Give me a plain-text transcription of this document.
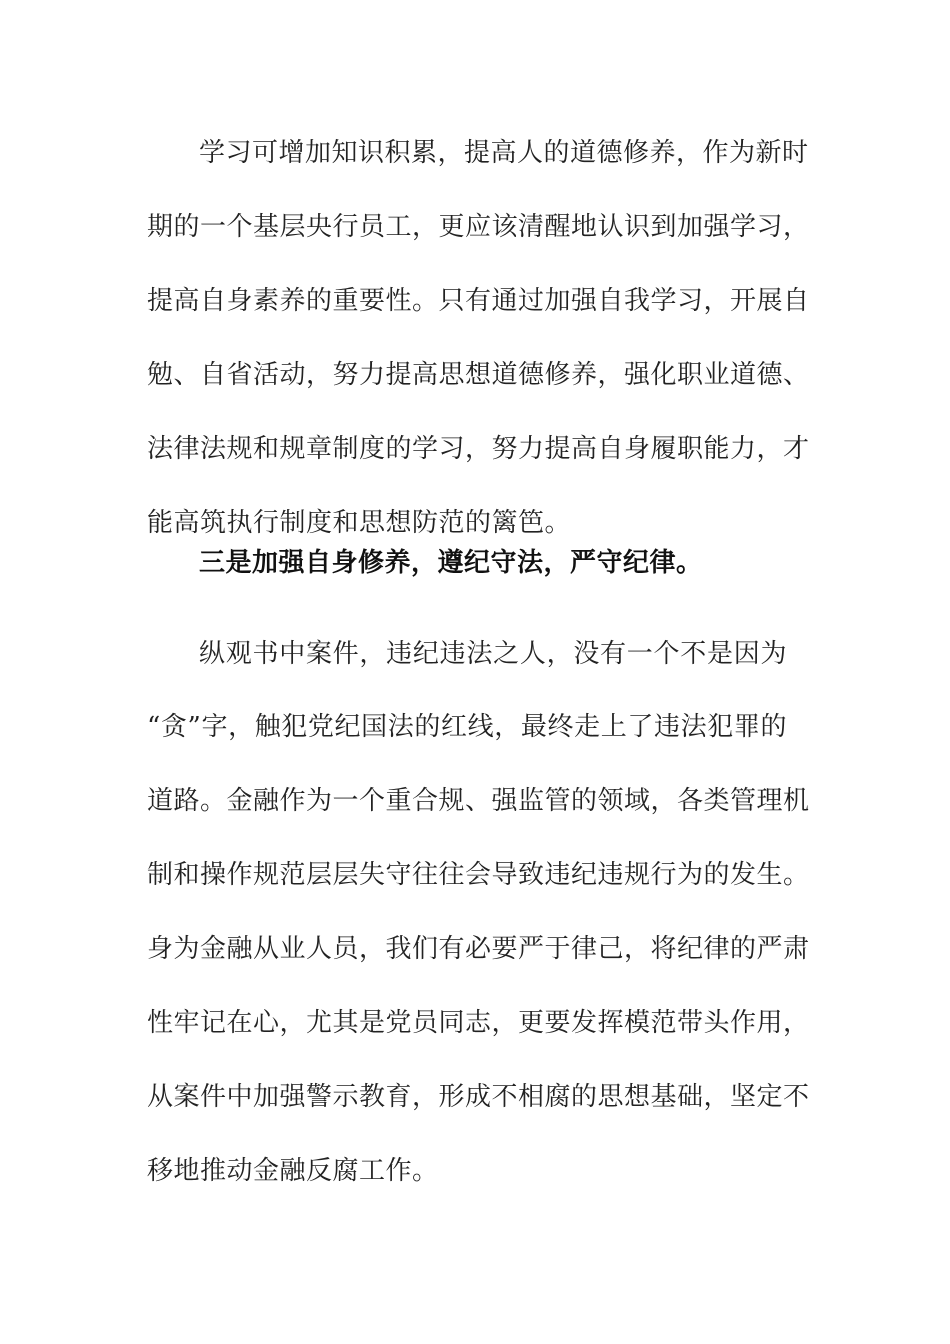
学习可增加知识积累，提高人的道德修养，作为新时
期的一个基层央行员工，更应该清醒地认识到加强学习，
提高自身素养的重要性。只有通过加强自我学习，开展自
勉、自省活动，努力提高思想道德修养，强化职业道德、
法律法规和规章制度的学习，努力提高自身履职能力，才
能高筑执行制度和思想防范的篱笆。
三是加强自身修养，遵纪守法，严守纪律。
纵观书中案件，违纪违法之人，没有一个不是因为
“贪”字，触犯党纪国法的红线，最终走上了违法犯罪的
道路。金融作为一个重合规、强监管的领域，各类管理机
制和操作规范层层失守往往会导致违纪违规行为的发生。
身为金融从业人员，我们有必要严于律己，将纪律的严肃
性牢记在心，尤其是党员同志，更要发挥模范带头作用，
从案件中加强警示教育，形成不相腐的思想基础，坚定不
移地推动金融反腐工作。
